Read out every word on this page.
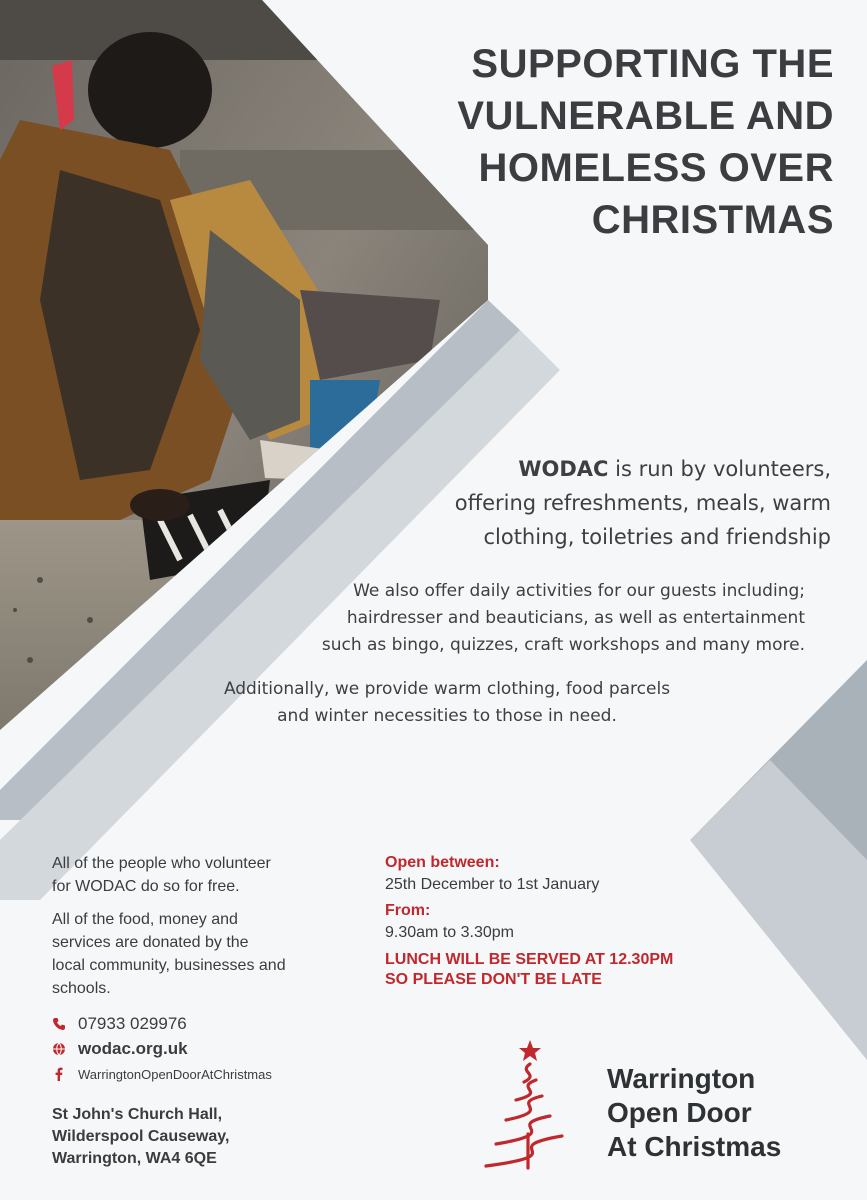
SUPPORTING THE
VULNERABLE AND
HOMELESS OVER
CHRISTMAS
WODAC is run by volunteers,
offering refreshments, meals, warm
clothing, toiletries and friendship
We also offer daily activities for our guests including;
hairdresser and beauticians, as well as entertainment
such as bingo, quizzes, craft workshops and many more.
Additionally, we provide warm clothing, food parcels
and winter necessities to those in need.
All of the people who volunteer
for WODAC do so for free.
All of the food, money and
services are donated by the
local community, businesses and
schools.
07933 029976
wodac.org.uk
WarringtonOpenDoorAtChristmas
St John's Church Hall,
Wilderspool Causeway,
Warrington, WA4 6QE
Open between:
25th December to 1st January
From:
9.30am to 3.30pm
LUNCH WILL BE SERVED AT 12.30PM
SO PLEASE DON'T BE LATE
Warrington
Open Door
At Christmas
